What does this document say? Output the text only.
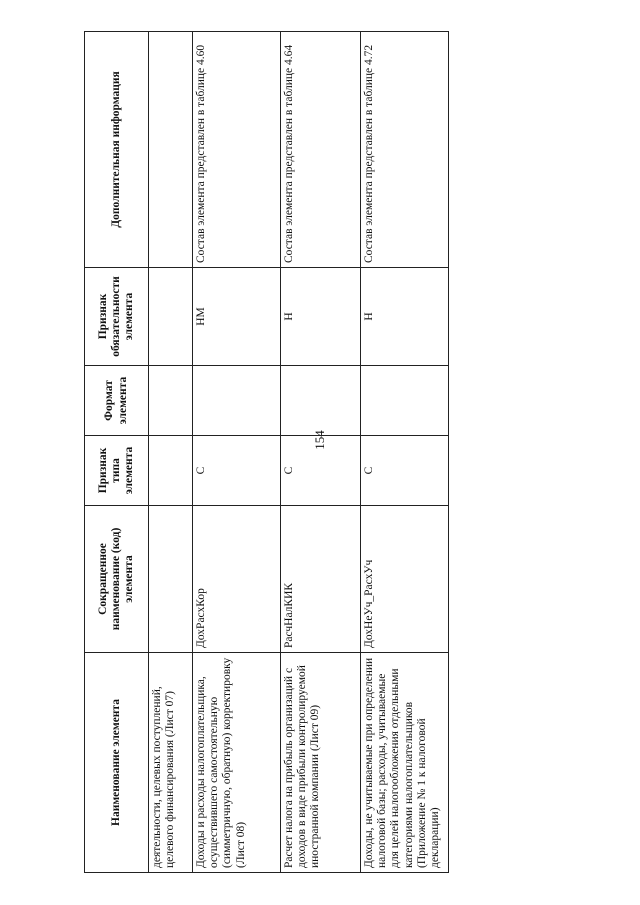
154
Наименование элемента	Сокращенное наименование (код) элемента	Признак типа элемента	Формат элемента	Признак обязательности элемента	Дополнительная информация
деятельности, целевых поступлений, целевого финансирования (Лист 07)					
Доходы и расходы налогоплательщика, осуществившего самостоятельную (симметричную, обратную) корректировку (Лист 08)	ДохРасхКор	С		НМ	Состав элемента представлен в таблице 4.60
Расчет налога на прибыль организаций с доходов в виде прибыли контролируемой иностранной компании (Лист 09)	РасчНалКИК	С		Н	Состав элемента представлен в таблице 4.64
Доходы, не учитываемые при определении налоговой базы; расходы, учитываемые для целей налогообложения отдельными категориями налогоплательщиков (Приложение № 1 к налоговой декларации)	ДохНеУч_РасхУч	С		Н	Состав элемента представлен в таблице 4.72
